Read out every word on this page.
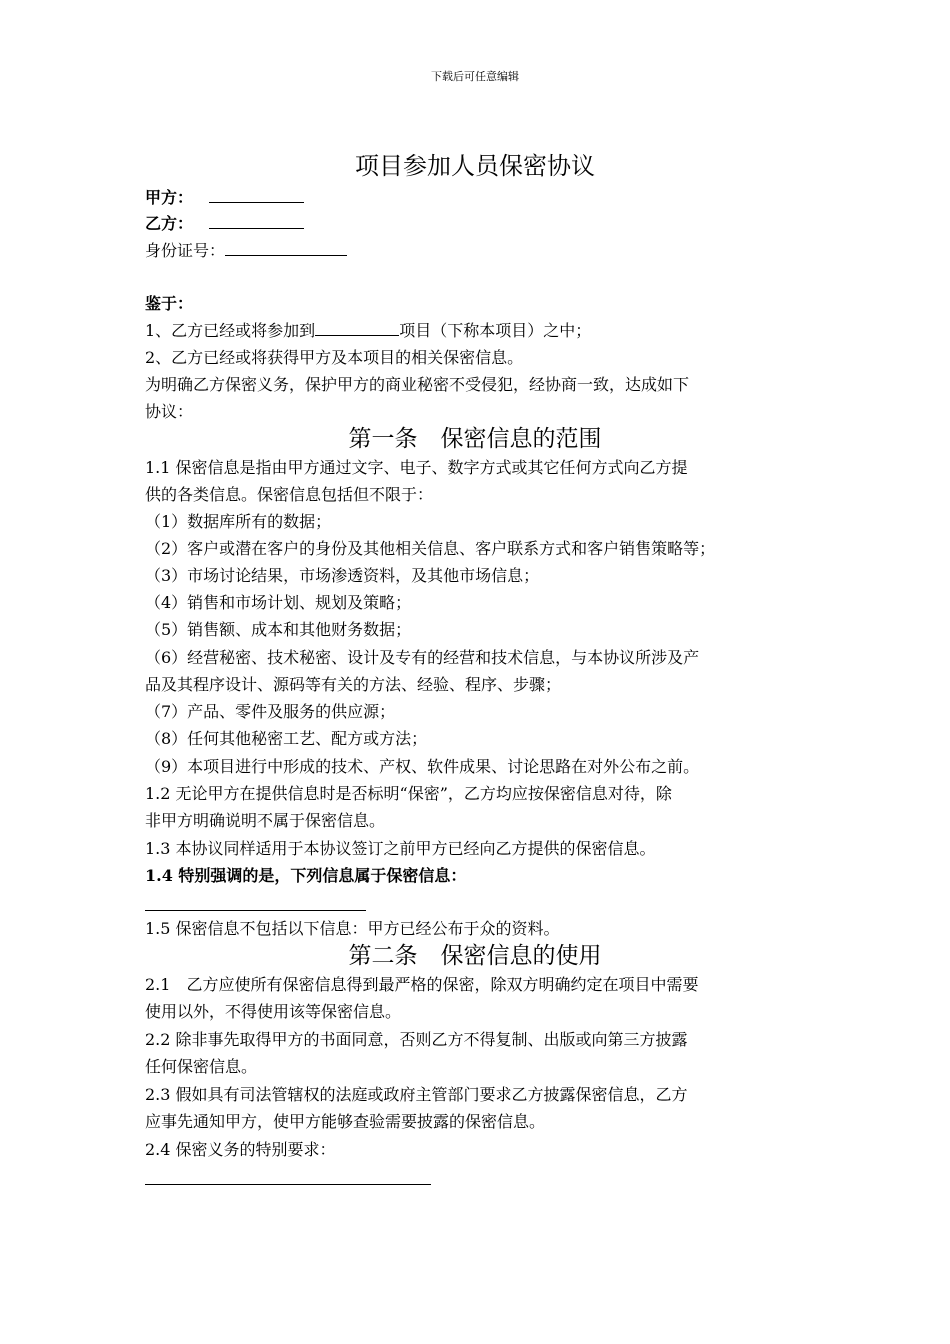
下载后可任意编辑
项目参加人员保密协议
甲方：
乙方：
身份证号：
鉴于：
1、乙方已经或将参加到	项目（下称本项目）之中；
2、乙方已经或将获得甲方及本项目的相关保密信息。
为明确乙方保密义务，保护甲方的商业秘密不受侵犯，经协商一致，达成如下
协议：
第一条　保密信息的范围
1.1 保密信息是指由甲方通过文字、电子、数字方式或其它任何方式向乙方提
供的各类信息。保密信息包括但不限于：
（1）数据库所有的数据；
（2）客户或潜在客户的身份及其他相关信息、客户联系方式和客户销售策略等；
（3）市场讨论结果，市场渗透资料，及其他市场信息；
（4）销售和市场计划、规划及策略；
（5）销售额、成本和其他财务数据；
（6）经营秘密、技术秘密、设计及专有的经营和技术信息，与本协议所涉及产
品及其程序设计、源码等有关的方法、经验、程序、步骤；
（7）产品、零件及服务的供应源；
（8）任何其他秘密工艺、配方或方法；
（9）本项目进行中形成的技术、产权、软件成果、讨论思路在对外公布之前。
1.2 无论甲方在提供信息时是否标明“保密”，乙方均应按保密信息对待，除
非甲方明确说明不属于保密信息。
1.3 本协议同样适用于本协议签订之前甲方已经向乙方提供的保密信息。
1.4 特别强调的是，下列信息属于保密信息：
1.5 保密信息不包括以下信息：甲方已经公布于众的资料。
第二条　保密信息的使用
2.1　乙方应使所有保密信息得到最严格的保密，除双方明确约定在项目中需要
使用以外，不得使用该等保密信息。
2.2 除非事先取得甲方的书面同意，否则乙方不得复制、出版或向第三方披露
任何保密信息。
2.3 假如具有司法管辖权的法庭或政府主管部门要求乙方披露保密信息，乙方
应事先通知甲方，使甲方能够查验需要披露的保密信息。
2.4 保密义务的特别要求：
